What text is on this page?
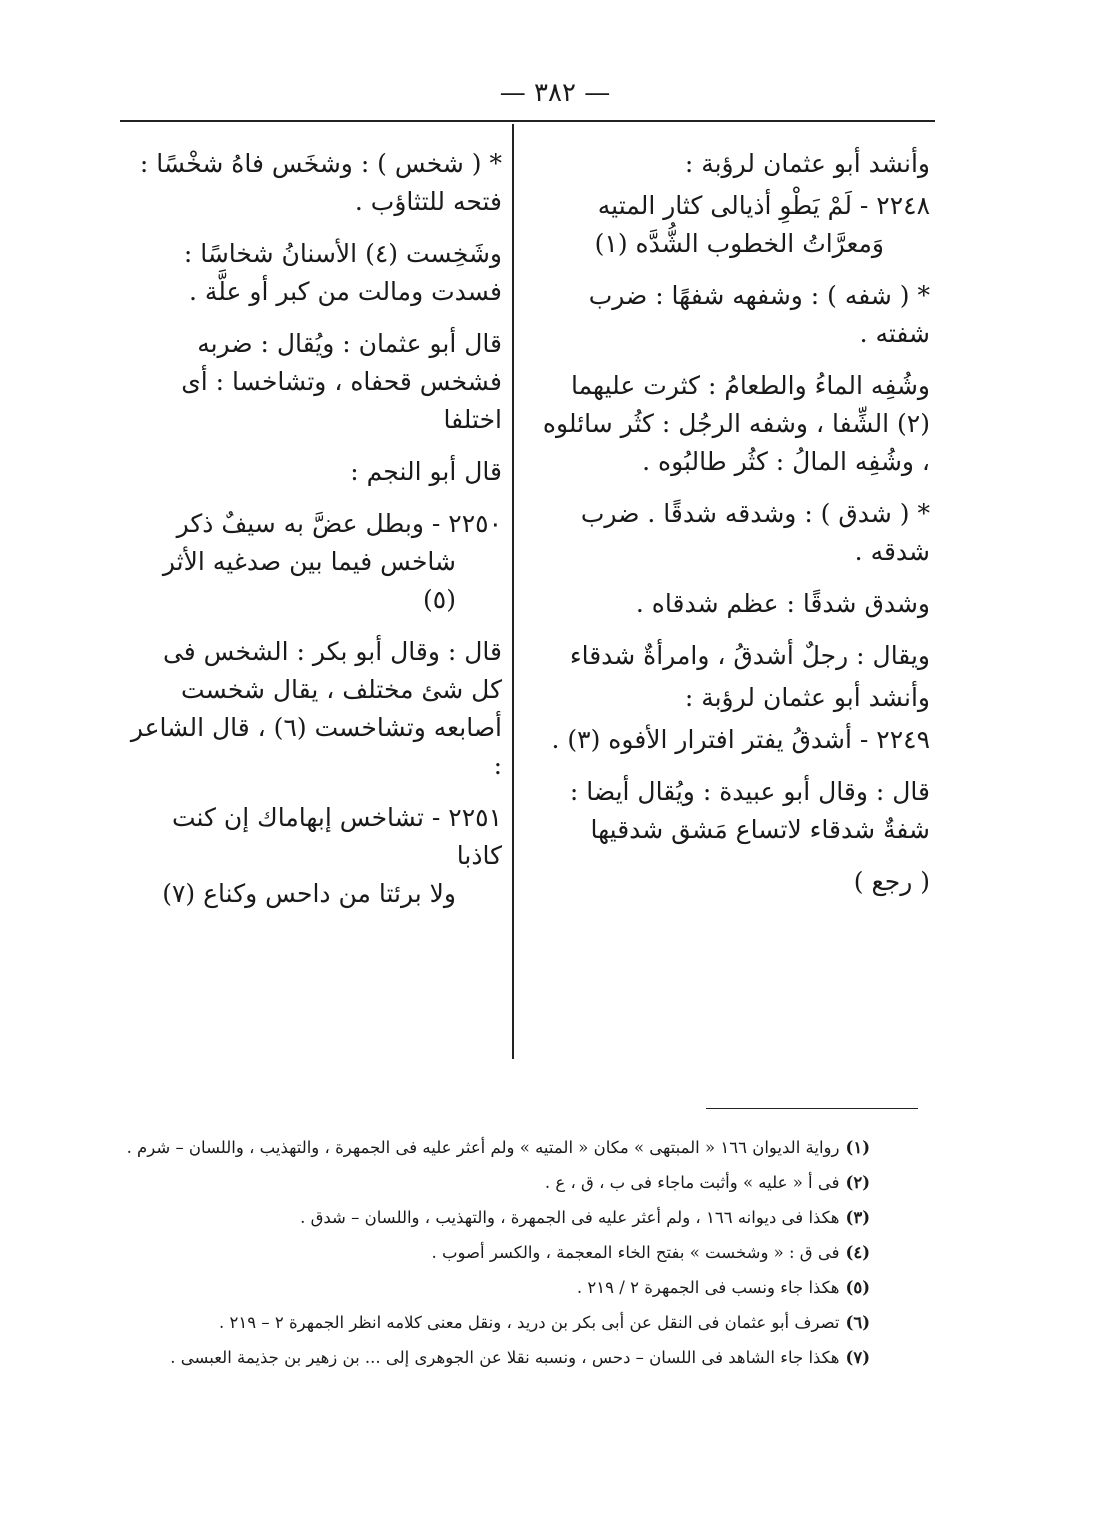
— ٣٨٢ —

وأنشد أبو عثمان لرؤبة :

٢٢٤٨ - لَمْ يَطْوِ أذيالى كثار المتيه
وَمعرَّاتُ الخطوب الشُّدَّه (١)

* ( شفه ) : وشفهه شفهًا : ضرب شفته .

وشُفِه الماءُ والطعامُ : كثرت عليهما (٢) الشِّفا ، وشفه الرجُل : كثُر سائلوه ، وشُفِه المالُ : كثُر طالبُوه .

* ( شدق ) : وشدقه شدقًا . ضرب شدقه .

وشدق شدقًا : عظم شدقاه .

ويقال : رجلٌ أشدقُ ، وامرأةٌ شدقاء

وأنشد أبو عثمان لرؤبة :

٢٢٤٩ - أشدقُ يفتر افترار الأفوه (٣) .

قال : وقال أبو عبيدة : ويُقال أيضا : شفةٌ شدقاء لاتساع مَشق شدقيها

( رجع )

* ( شخس ) : وشخَس فاهُ شخْسًا : فتحه للتثاؤب .

وشَخِست (٤) الأسنانُ شخاسًا : فسدت ومالت من كبر أو علَّة .

قال أبو عثمان : ويُقال : ضربه فشخس قحفاه ، وتشاخسا : أى اختلفا

قال أبو النجم :

٢٢٥٠ - وبطل عضَّ به سيفٌ ذكر
شاخس فيما بين صدغيه الأثر (٥)

قال : وقال أبو بكر : الشخس فى كل شئ مختلف ، يقال شخست أصابعه وتشاخست (٦) ، قال الشاعر :

٢٢٥١ - تشاخس إبهاماك إن كنت كاذبا
ولا برئتا من داحس وكناع (٧)
(١)رواية الديوان ١٦٦ « المبتهى » مكان « المتيه » ولم أعثر عليه فى الجمهرة ، والتهذيب ، واللسان – شرم .
(٢)فى أ « عليه » وأثبت ماجاء فى ب ، ق ، ع .
(٣)هكذا فى ديوانه ١٦٦ ، ولم أعثر عليه فى الجمهرة ، والتهذيب ، واللسان – شدق .
(٤)فى ق : « وشخست » بفتح الخاء المعجمة ، والكسر أصوب .
(٥)هكذا جاء ونسب فى الجمهرة ٢ / ٢١٩ .
(٦)تصرف أبو عثمان فى النقل عن أبى بكر بن دريد ، ونقل معنى كلامه انظر الجمهرة ٢ – ٢١٩ .
(٧)هكذا جاء الشاهد فى اللسان – دحس ، ونسبه نقلا عن الجوهرى إلى ... بن زهير بن جذيمة العبسى .
